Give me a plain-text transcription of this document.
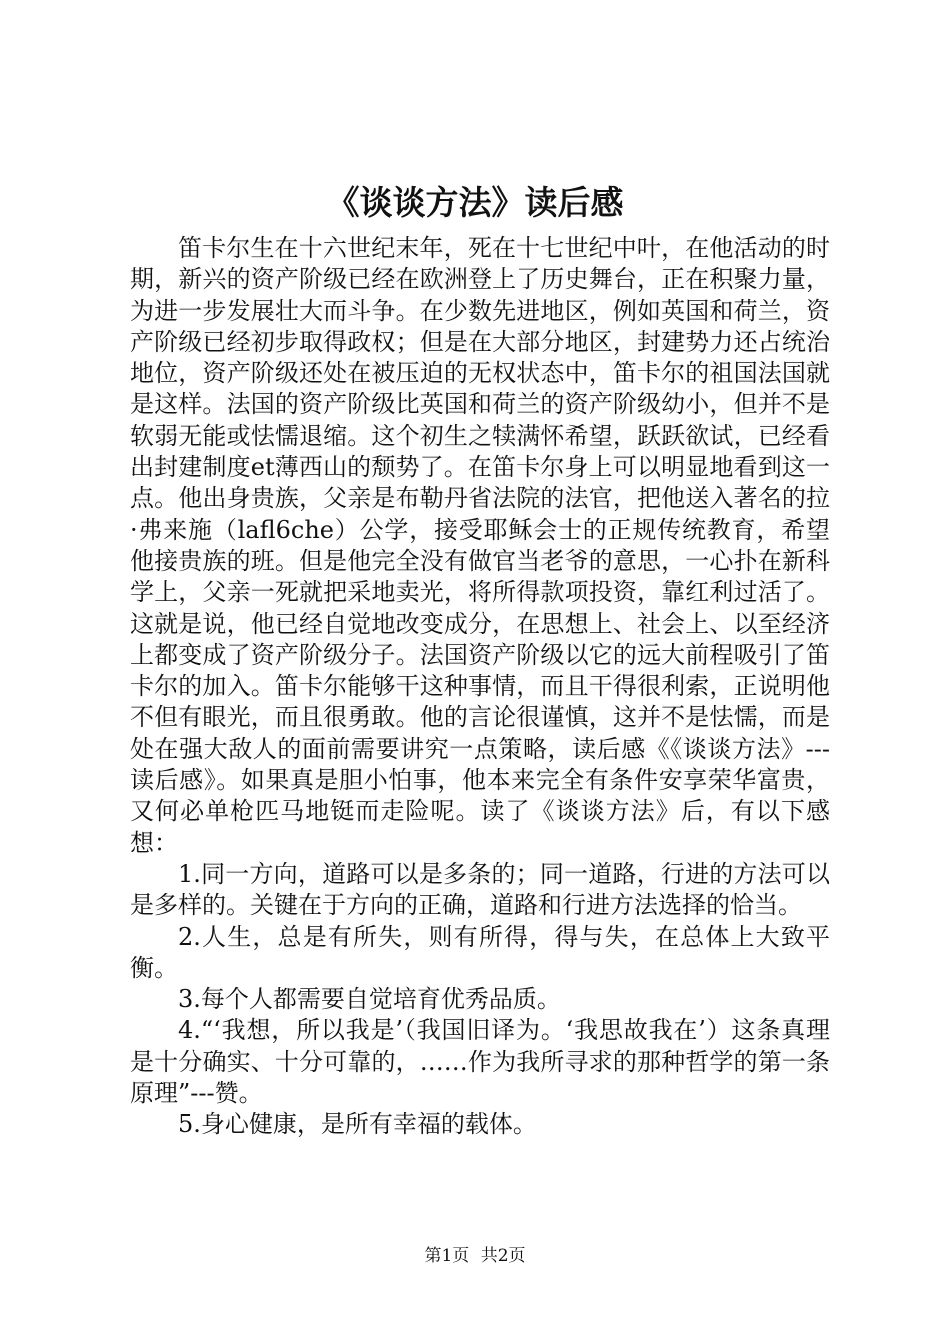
《谈谈方法》读后感

笛卡尔生在十六世纪末年，死在十七世纪中叶，在他活动的时期，新兴的资产阶级已经在欧洲登上了历史舞台，正在积聚力量，为进一步发展壮大而斗争。在少数先进地区，例如英国和荷兰，资产阶级已经初步取得政权；但是在大部分地区，封建势力还占统治地位，资产阶级还处在被压迫的无权状态中，笛卡尔的祖国法国就是这样。法国的资产阶级比英国和荷兰的资产阶级幼小，但并不是软弱无能或怯懦退缩。这个初生之犊满怀希望，跃跃欲试，已经看出封建制度et薄西山的颓势了。在笛卡尔身上可以明显地看到这一点。他出身贵族，父亲是布勒丹省法院的法官，把他送入著名的拉·弗来施（lafl6che）公学，接受耶稣会士的正规传统教育，希望他接贵族的班。但是他完全没有做官当老爷的意思，一心扑在新科学上，父亲一死就把采地卖光，将所得款项投资，靠红利过活了。这就是说，他已经自觉地改变成分，在思想上、社会上、以至经济上都变成了资产阶级分子。法国资产阶级以它的远大前程吸引了笛卡尔的加入。笛卡尔能够干这种事情，而且干得很利索，正说明他不但有眼光，而且很勇敢。他的言论很谨慎，这并不是怯懦，而是处在强大敌人的面前需要讲究一点策略，读后感《《谈谈方法》---读后感》。如果真是胆小怕事，他本来完全有条件安享荣华富贵，又何必单枪匹马地铤而走险呢。读了《谈谈方法》后，有以下感想：

1.同一方向，道路可以是多条的；同一道路，行进的方法可以是多样的。关键在于方向的正确，道路和行进方法选择的恰当。

2.人生，总是有所失，则有所得，得与失，在总体上大致平衡。

3.每个人都需要自觉培育优秀品质。

4.“‘我想，所以我是’（我国旧译为。‘我思故我在’）这条真理是十分确实、十分可靠的，……作为我所寻求的那种哲学的第一条原理”---赞。

5.身心健康，是所有幸福的载体。

第1页 共2页
